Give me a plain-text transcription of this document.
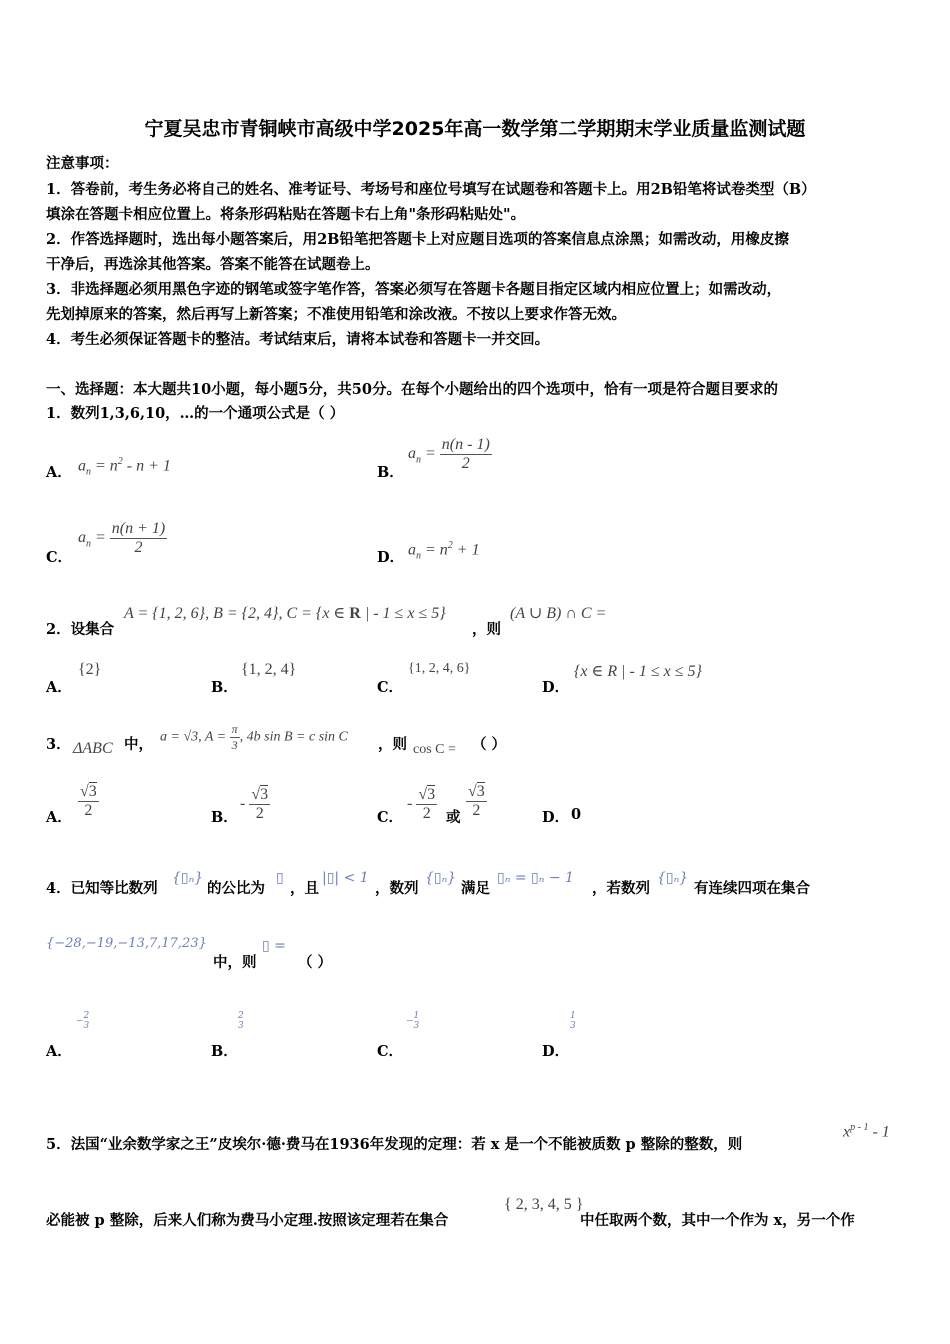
宁夏吴忠市青铜峡市高级中学2025年高一数学第二学期期末学业质量监测试题
注意事项：
1．答卷前，考生务必将自己的姓名、准考证号、考场号和座位号填写在试题卷和答题卡上。用2B铅笔将试卷类型（B）
填涂在答题卡相应位置上。将条形码粘贴在答题卡右上角"条形码粘贴处"。
2．作答选择题时，选出每小题答案后，用2B铅笔把答题卡上对应题目选项的答案信息点涂黑；如需改动，用橡皮擦
干净后，再选涂其他答案。答案不能答在试题卷上。
3．非选择题必须用黑色字迹的钢笔或签字笔作答，答案必须写在答题卡各题目指定区域内相应位置上；如需改动，
先划掉原来的答案，然后再写上新答案；不准使用铅笔和涂改液。不按以上要求作答无效。
4．考生必须保证答题卡的整洁。考试结束后，请将本试卷和答题卡一并交回。
一、选择题：本大题共10小题，每小题5分，共50分。在每个小题给出的四个选项中，恰有一项是符合题目要求的
1．数列1,3,6,10，…的一个通项公式是（ ）
A． $a_n = n^2 - n + 1$	B．
$a_n = \frac{n(n - 1)}{2}$
C．
$a_n = \frac{n(n + 1)}{2}$
D． $a_n = n^2 + 1$
2．设集合
A = {1, 2, 6}, B = {2, 4}, C = {x ∈ R | - 1 ≤ x ≤ 5}
，则
(A ∪ B) ∩ C =
A．
{2}
B．
{1, 2, 4}
C．
{1, 2, 4, 6}
D．
{x ∈ R | - 1 ≤ x ≤ 5}
3． ΔABC 中， a = √3, $A = \frac{\pi}{3}$ , 4b sin B = c sin C ，则 cos C = （ ）
A． $\frac{√3}{2}$	B．
- $\frac{√3}{2}$	C．
- $\frac{√3}{2}$ 或 $\frac{√3}{2}$	D． 0
4．已知等比数列
{▯ₙ}
的公比为
▯
，且
|▯| < 1
，数列
{▯ₙ}
满足
▯ₙ = ▯ₙ − 1
，若数列
{▯ₙ}
有连续四项在集合
{−28,−19,−13,7,17,23}
中，则
▯ =
（ ）
A．
−2
3
B．
2
3
C．
−1
3
D．
1
3
5．法国“业余数学家之王”皮埃尔·德·费马在1936年发现的定理：若 x 是一个不能被质数 p 整除的整数，则
$x^{p - 1} - 1$
必能被 p 整除，后来人们称为费马小定理.按照该定理若在集合
{ 2, 3, 4, 5 }
中任取两个数，其中一个作为 x，另一个作
